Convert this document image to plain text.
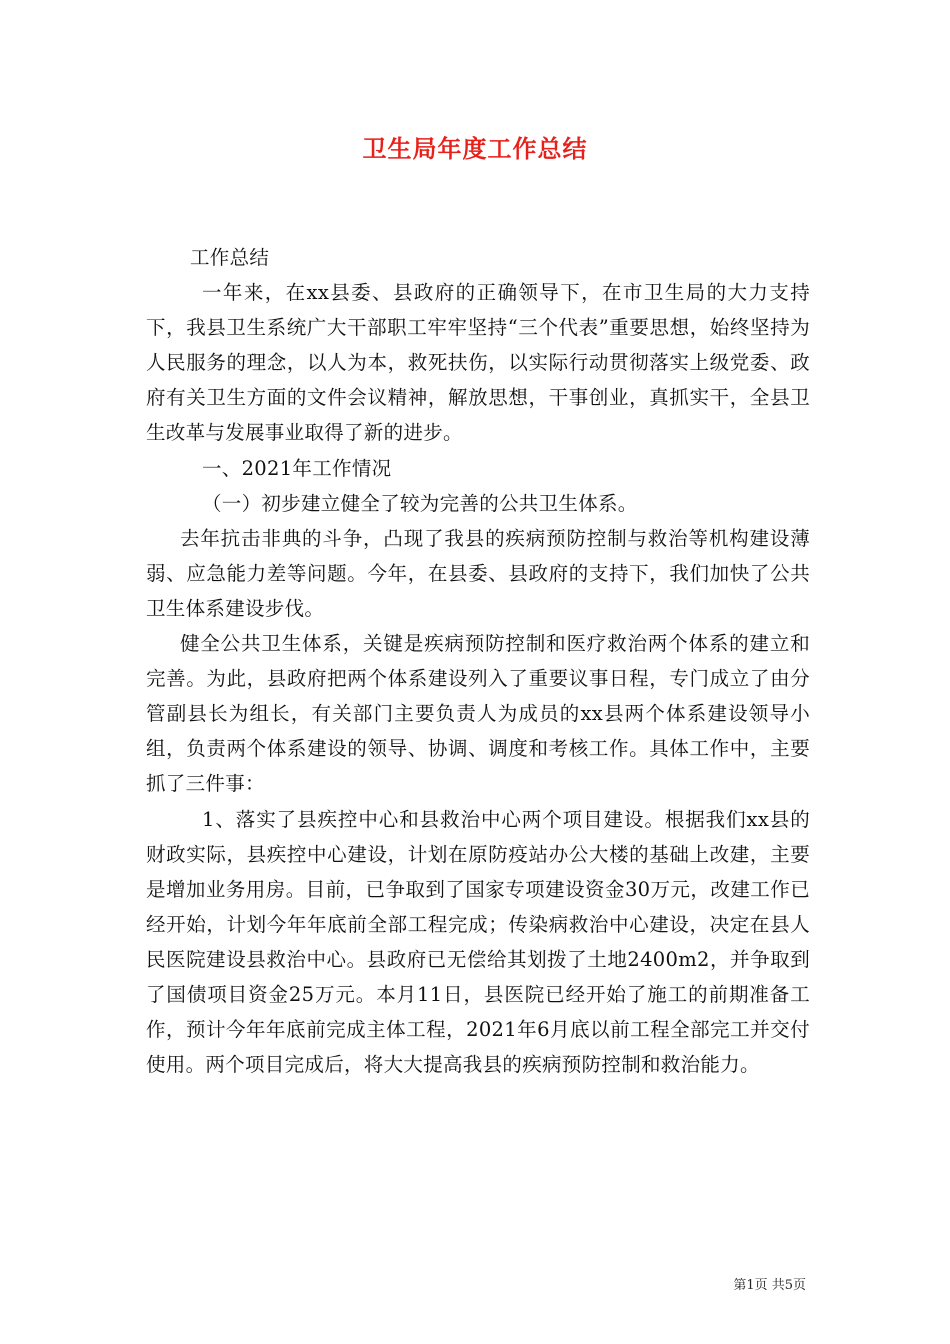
卫生局年度工作总结

工作总结

一年来，在xx县委、县政府的正确领导下，在市卫生局的大力支持下，我县卫生系统广大干部职工牢牢坚持“三个代表”重要思想，始终坚持为人民服务的理念，以人为本，救死扶伤，以实际行动贯彻落实上级党委、政府有关卫生方面的文件会议精神，解放思想，干事创业，真抓实干，全县卫生改革与发展事业取得了新的进步。

一、2021年工作情况

（一）初步建立健全了较为完善的公共卫生体系。

去年抗击非典的斗争，凸现了我县的疾病预防控制与救治等机构建设薄弱、应急能力差等问题。今年，在县委、县政府的支持下，我们加快了公共卫生体系建设步伐。

健全公共卫生体系，关键是疾病预防控制和医疗救治两个体系的建立和完善。为此，县政府把两个体系建设列入了重要议事日程，专门成立了由分管副县长为组长，有关部门主要负责人为成员的xx县两个体系建设领导小组，负责两个体系建设的领导、协调、调度和考核工作。具体工作中，主要抓了三件事：

1、落实了县疾控中心和县救治中心两个项目建设。根据我们xx县的财政实际，县疾控中心建设，计划在原防疫站办公大楼的基础上改建，主要是增加业务用房。目前，已争取到了国家专项建设资金30万元，改建工作已经开始，计划今年年底前全部工程完成；传染病救治中心建设，决定在县人民医院建设县救治中心。县政府已无偿给其划拨了土地2400m2，并争取到了国债项目资金25万元。本月11日，县医院已经开始了施工的前期准备工作，预计今年年底前完成主体工程，2021年6月底以前工程全部完工并交付使用。两个项目完成后，将大大提高我县的疾病预防控制和救治能力。

第1页 共5页
